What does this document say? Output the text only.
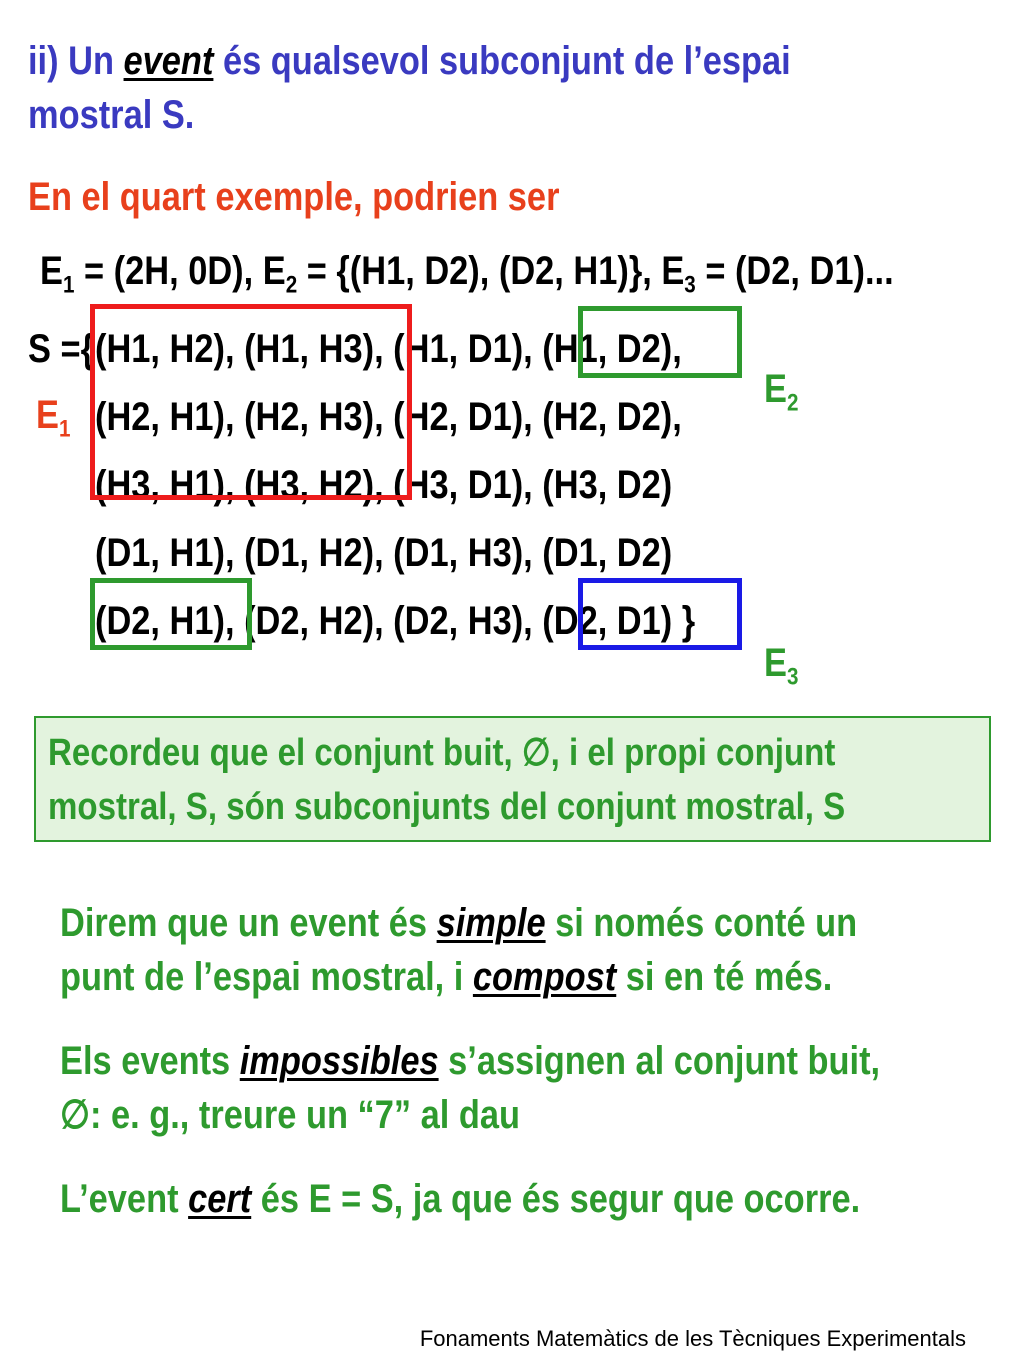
ii) Un event és qualsevol subconjunt de l’espai
mostral S.
En el quart exemple, podrien ser
$E_1 = (2H$, 0D), $E_2 = \{(H1$, D2), (D2, H1)}, $E_3 = (D2$, D1)...
S ={ (H1, H2), (H1, H3), (H1, D1), (H1, D2),
(H2, H1), (H2, H3), (H2, D1), (H2, D2),
(H3, H1), (H3, H2), (H3, D1), (H3, D2)
(D1, H1), (D1, H2), (D1, H3), (D1, D2)
(D2, H1), (D2, H2), (D2, H3), (D2, D1) }
$E_1$
$E_2$
$E_3$
Recordeu que el conjunt buit, ∅, i el propi conjunt
mostral, S, són subconjunts del conjunt mostral, S
Direm que un event és simple si només conté un
punt de l’espai mostral, i compost si en té més.
Els events impossibles s’assignen al conjunt buit,
∅: e. g., treure un “7” al dau
L’event cert és E = S, ja que és segur que ocorre.
Fonaments Matemàtics de les Tècniques Experimentals
